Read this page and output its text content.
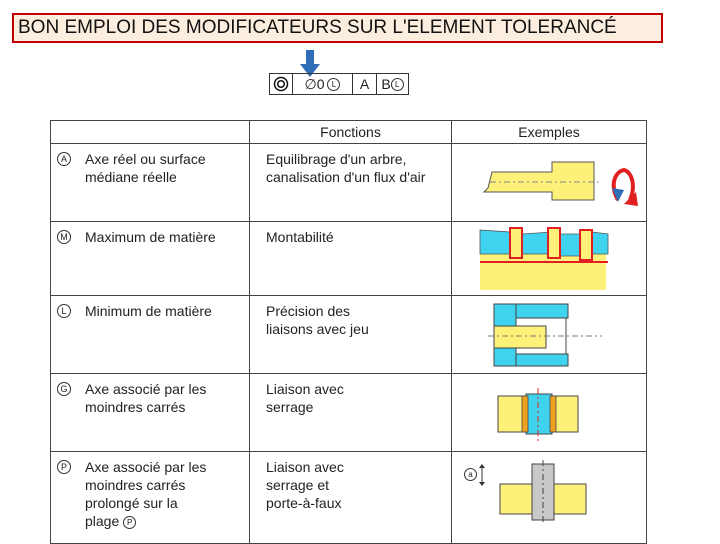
BON EMPLOI DES MODIFICATEURS SUR L'ELEMENT TOLERANCÉ
∅0 L	A B L
	Fonctions	Exemples

A Axe réel ou surface
médiane réelle	Equilibrage d'un arbre,
canalisation d'un flux d'air

M Maximum de matière	Montabilité

L Minimum de matière	Précision des
liaisons avec jeu

G Axe associé par les
moindres carrés	Liaison avec
serrage

P Axe associé par les
moindres carrés
prolongé sur la
plage P	Liaison avec
serrage et
porte-à-faux	a
